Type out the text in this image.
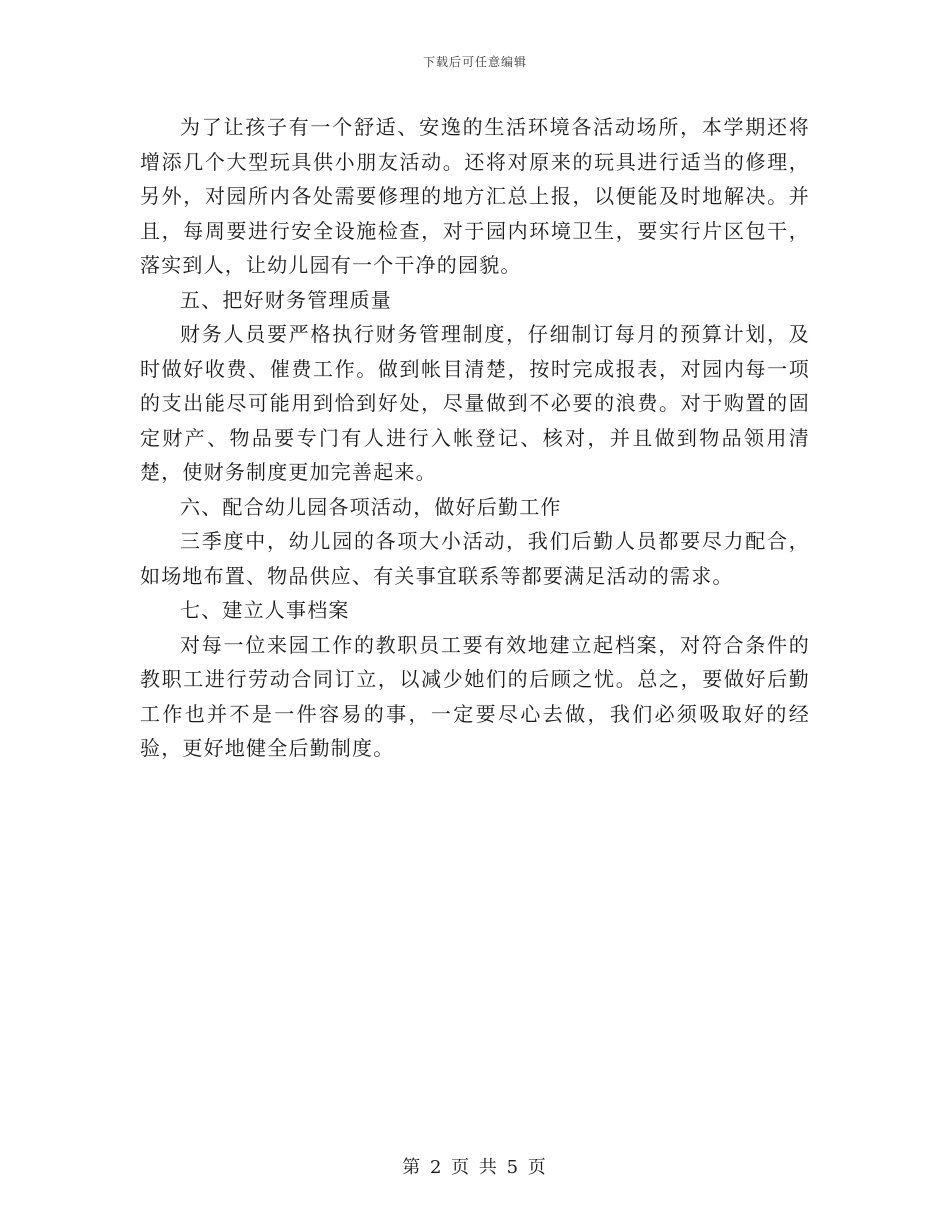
下载后可任意编辑

为了让孩子有一个舒适、安逸的生活环境各活动场所，本学期还将增添几个大型玩具供小朋友活动。还将对原来的玩具进行适当的修理，另外，对园所内各处需要修理的地方汇总上报，以便能及时地解决。并且，每周要进行安全设施检查，对于园内环境卫生，要实行片区包干，落实到人，让幼儿园有一个干净的园貌。

五、把好财务管理质量

财务人员要严格执行财务管理制度，仔细制订每月的预算计划，及时做好收费、催费工作。做到帐目清楚，按时完成报表，对园内每一项的支出能尽可能用到恰到好处，尽量做到不必要的浪费。对于购置的固定财产、物品要专门有人进行入帐登记、核对，并且做到物品领用清楚，使财务制度更加完善起来。

六、配合幼儿园各项活动，做好后勤工作

三季度中，幼儿园的各项大小活动，我们后勤人员都要尽力配合，如场地布置、物品供应、有关事宜联系等都要满足活动的需求。

七、建立人事档案

对每一位来园工作的教职员工要有效地建立起档案，对符合条件的教职工进行劳动合同订立，以减少她们的后顾之忧。总之，要做好后勤工作也并不是一件容易的事，一定要尽心去做，我们必须吸取好的经验，更好地健全后勤制度。

第 2 页 共 5 页
